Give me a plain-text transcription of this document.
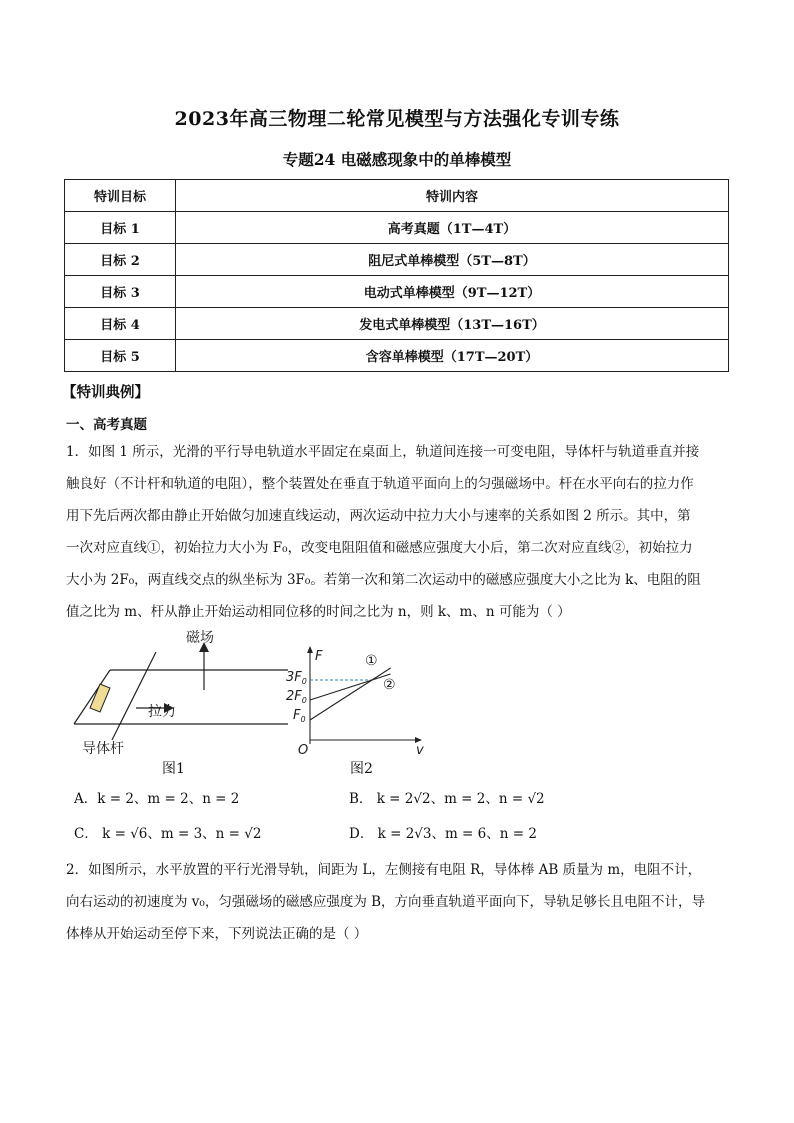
2023年高三物理二轮常见模型与方法强化专训专练
专题24 电磁感现象中的单棒模型
特训目标	特训内容
目标 1	高考真题（1T—4T）
目标 2	阻尼式单棒模型（5T—8T）
目标 3	电动式单棒模型（9T—12T）
目标 4	发电式单棒模型（13T—16T）
目标 5	含容单棒模型（17T—20T）
【特训典例】
一、高考真题

1．如图 1 所示，光滑的平行导电轨道水平固定在桌面上，轨道间连接一可变电阻，导体杆与轨道垂直并接

触良好（不计杆和轨道的电阻），整个装置处在垂直于轨道平面向上的匀强磁场中。杆在水平向右的拉力作

用下先后两次都由静止开始做匀加速直线运动，两次运动中拉力大小与速率的关系如图 2 所示。其中，第

一次对应直线①，初始拉力大小为 F₀，改变电阻阻值和磁感应强度大小后，第二次对应直线②，初始拉力

大小为 2F₀，两直线交点的纵坐标为 3F₀。若第一次和第二次运动中的磁感应强度大小之比为 k、电阻的阻

值之比为 m、杆从静止开始运动相同位移的时间之比为 n，则 k、m、n 可能为（ ）

磁场
拉力
导体杆
图1
F
v
O
$3F_0$
$2F_0$
$F_0$
①
②
图2
A．k = 2、m = 2、n = 2	B． k = 2√2、m = 2、n = √2
C． k = √6、m = 3、n = √2	D． k = 2√3、m = 6、n = 2

2．如图所示，水平放置的平行光滑导轨，间距为 L，左侧接有电阻 R，导体棒 AB 质量为 m，电阻不计，

向右运动的初速度为 v₀，匀强磁场的磁感应强度为 B，方向垂直轨道平面向下，导轨足够长且电阻不计，导

体棒从开始运动至停下来，下列说法正确的是（ ）
